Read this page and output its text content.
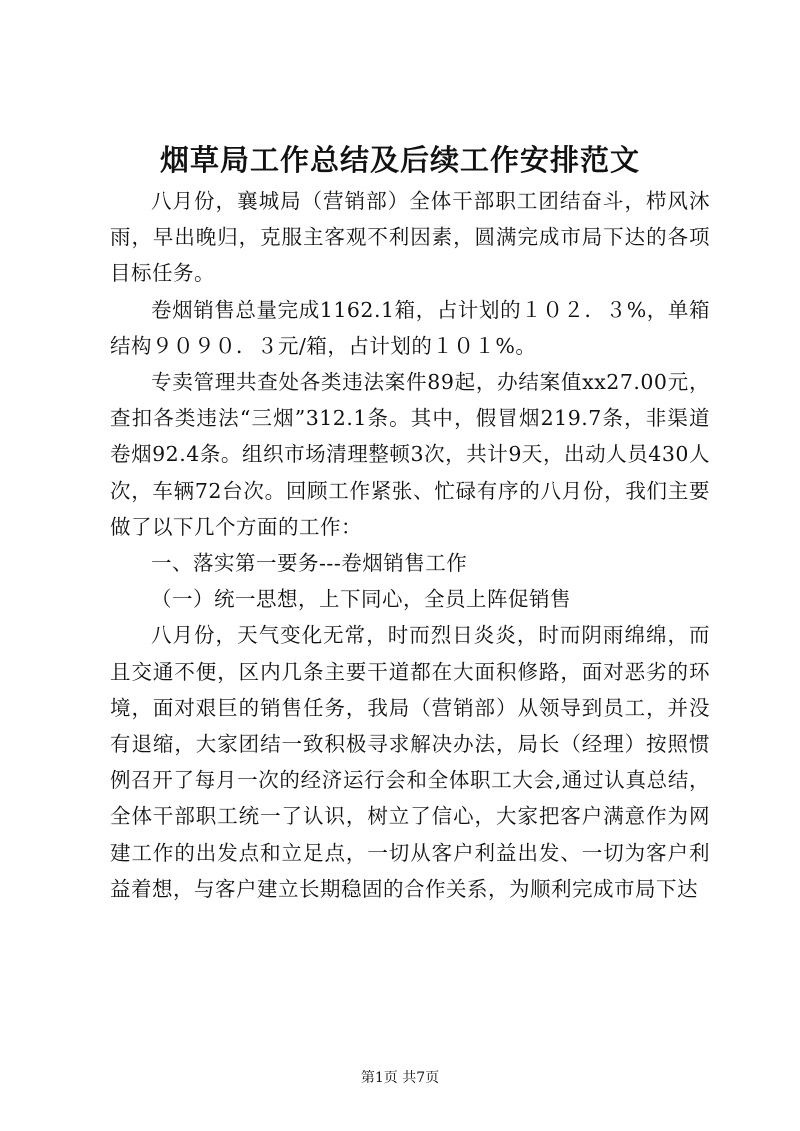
烟草局工作总结及后续工作安排范文

八月份，襄城局（营销部）全体干部职工团结奋斗，栉风沐雨，早出晚归，克服主客观不利因素，圆满完成市局下达的各项目标任务。

卷烟销售总量完成1162.1箱，占计划的１０２．３%，单箱结构９０９０．３元/箱，占计划的１０１%。

专卖管理共查处各类违法案件89起，办结案值xx27.00元，查扣各类违法“三烟”312.1条。其中，假冒烟219.7条，非渠道卷烟92.4条。组织市场清理整顿3次，共计9天，出动人员430人次，车辆72台次。回顾工作紧张、忙碌有序的八月份，我们主要做了以下几个方面的工作：

一、落实第一要务---卷烟销售工作

（一）统一思想，上下同心，全员上阵促销售

八月份，天气变化无常，时而烈日炎炎，时而阴雨绵绵，而且交通不便，区内几条主要干道都在大面积修路，面对恶劣的环境，面对艰巨的销售任务，我局（营销部）从领导到员工，并没有退缩，大家团结一致积极寻求解决办法，局长（经理）按照惯例召开了每月一次的经济运行会和全体职工大会,通过认真总结，全体干部职工统一了认识，树立了信心，大家把客户满意作为网建工作的出发点和立足点，一切从客户利益出发、一切为客户利益着想，与客户建立长期稳固的合作关系，为顺利完成市局下达

第1页 共7页
